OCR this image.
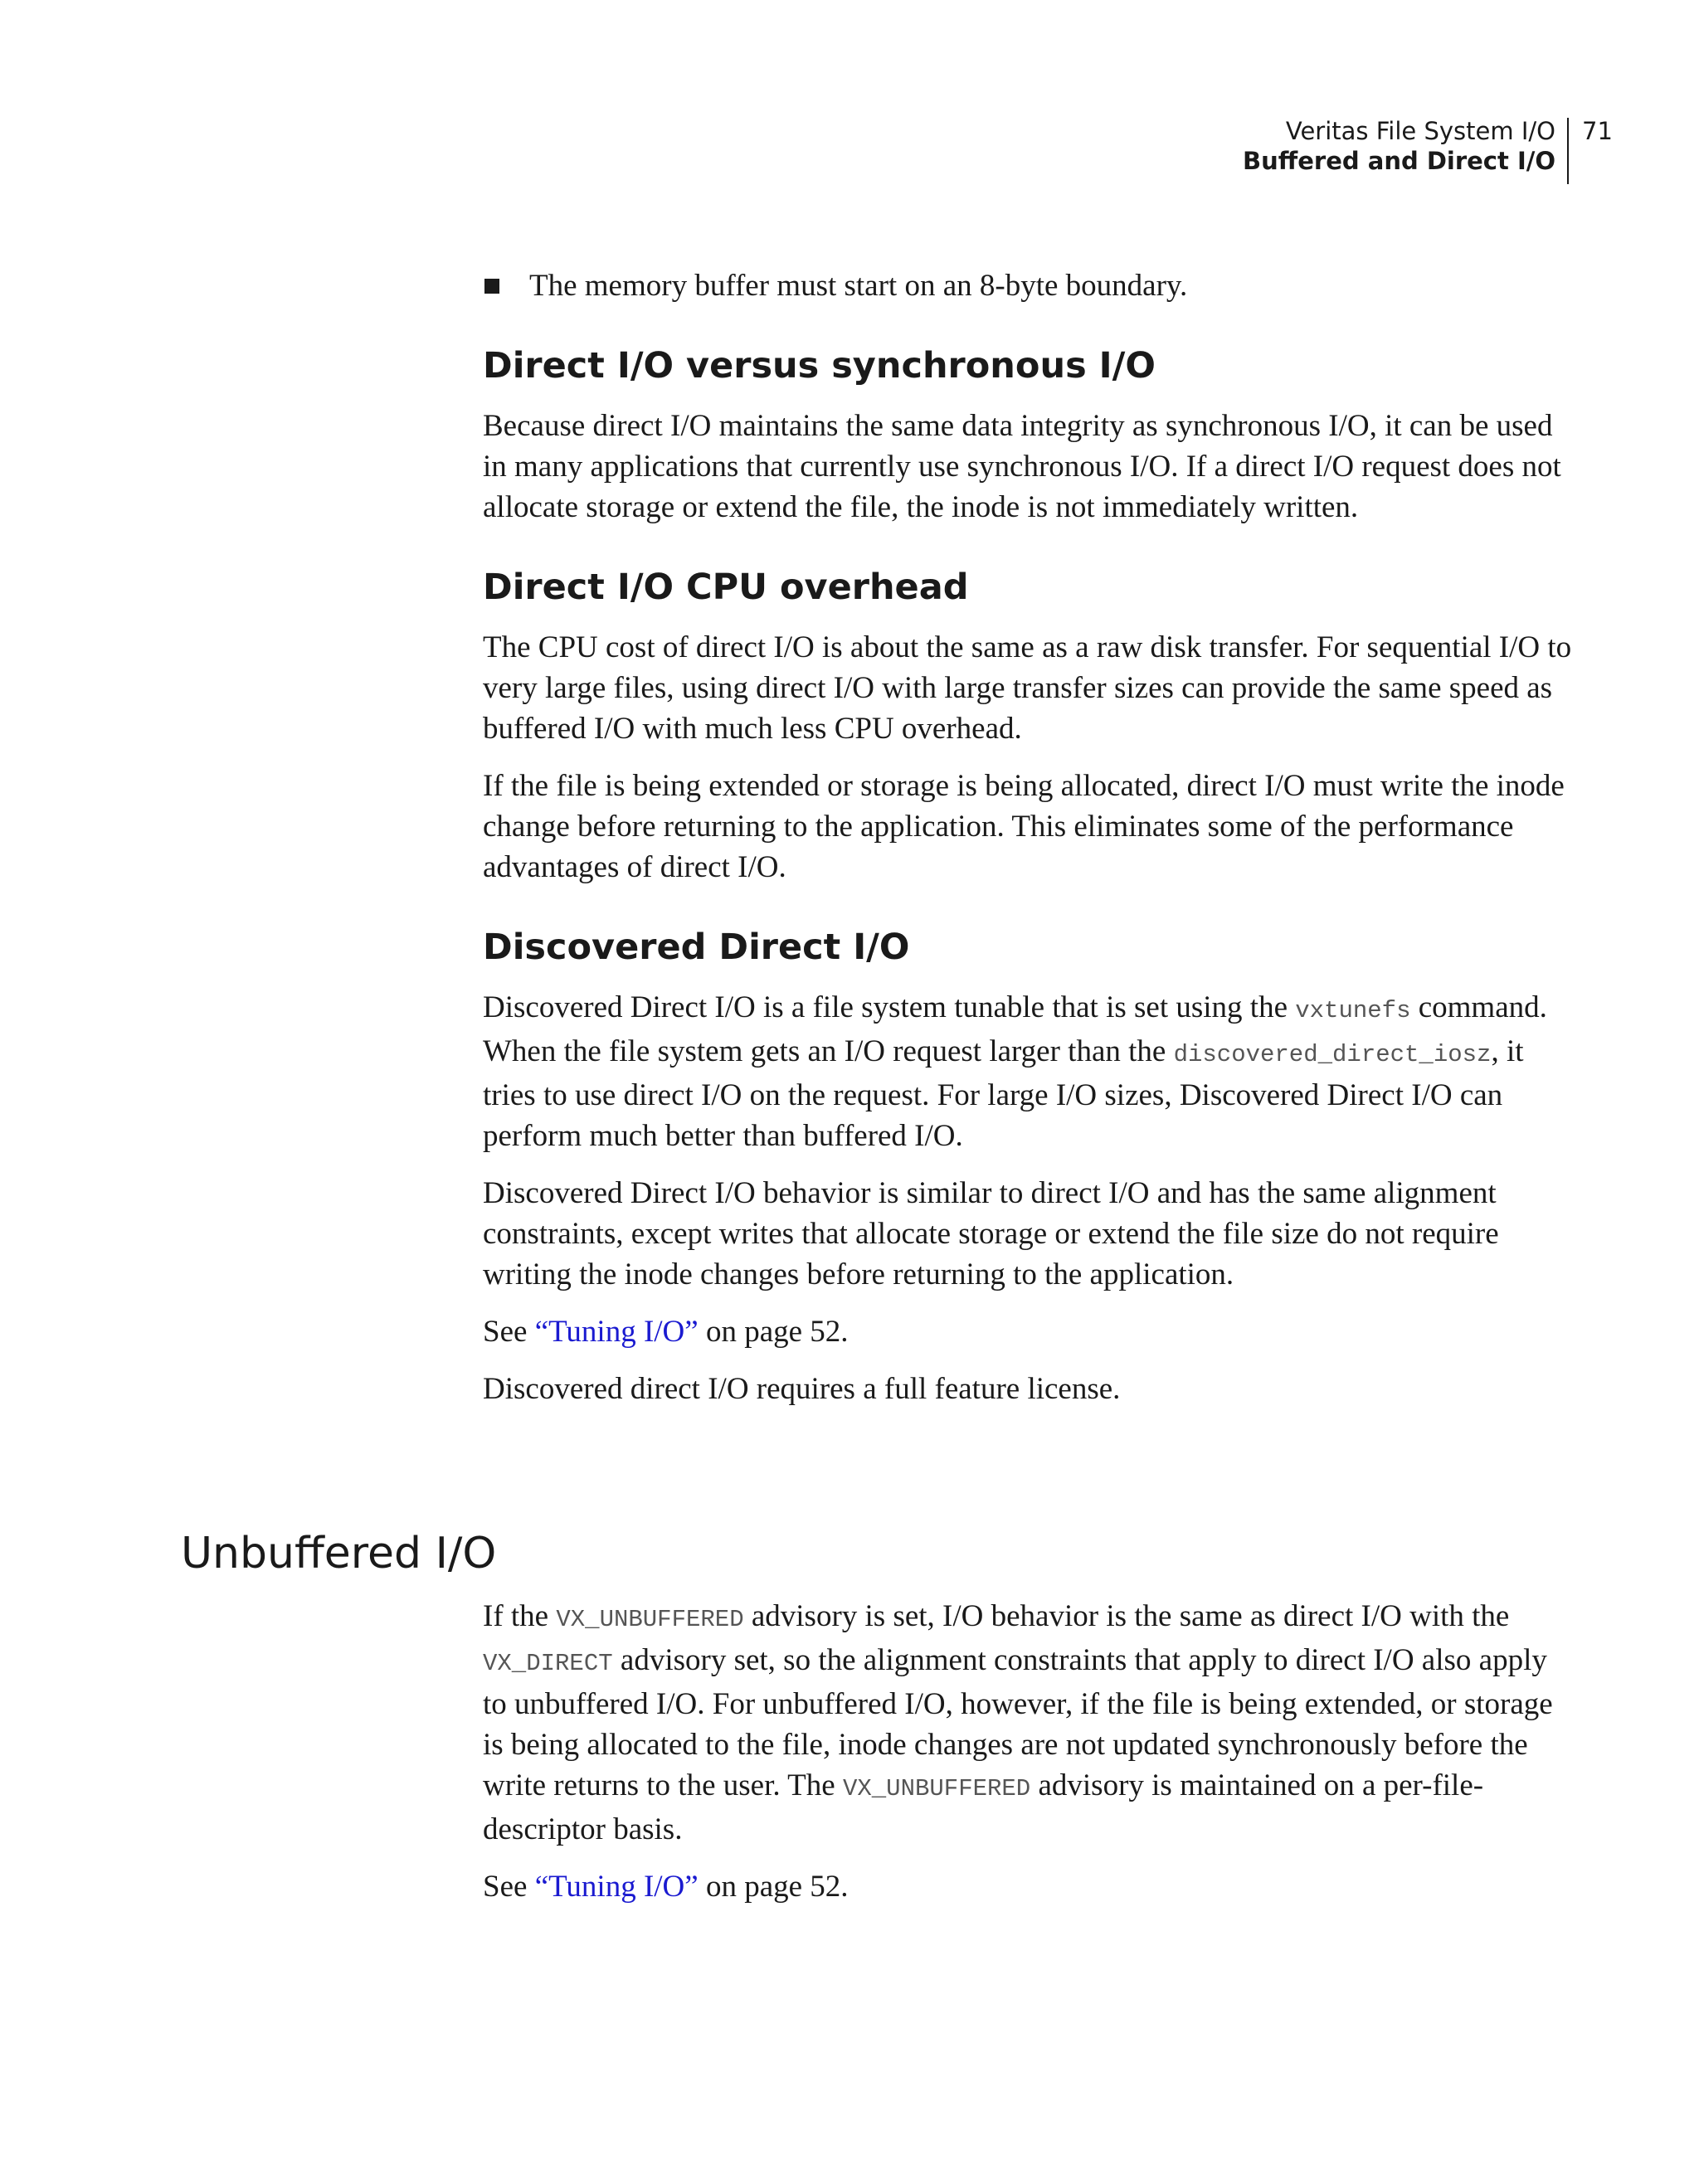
Veritas File System I/O
Buffered and Direct I/O
71

The memory buffer must start on an 8-byte boundary.

Direct I/O versus synchronous I/O

Because direct I/O maintains the same data integrity as synchronous I/O, it can be used in many applications that currently use synchronous I/O. If a direct I/O request does not allocate storage or extend the file, the inode is not immediately written.

Direct I/O CPU overhead

The CPU cost of direct I/O is about the same as a raw disk transfer. For sequential I/O to very large files, using direct I/O with large transfer sizes can provide the same speed as buffered I/O with much less CPU overhead.

If the file is being extended or storage is being allocated, direct I/O must write the inode change before returning to the application. This eliminates some of the performance advantages of direct I/O.

Discovered Direct I/O

Discovered Direct I/O is a file system tunable that is set using the vxtunefs command. When the file system gets an I/O request larger than the discovered_direct_iosz, it tries to use direct I/O on the request. For large I/O sizes, Discovered Direct I/O can perform much better than buffered I/O.

Discovered Direct I/O behavior is similar to direct I/O and has the same alignment constraints, except writes that allocate storage or extend the file size do not require writing the inode changes before returning to the application.

See “Tuning I/O” on page 52.

Discovered direct I/O requires a full feature license.

Unbuffered I/O

If the VX_UNBUFFERED advisory is set, I/O behavior is the same as direct I/O with the VX_DIRECT advisory set, so the alignment constraints that apply to direct I/O also apply to unbuffered I/O. For unbuffered I/O, however, if the file is being extended, or storage is being allocated to the file, inode changes are not updated synchronously before the write returns to the user. The VX_UNBUFFERED advisory is maintained on a per-file-descriptor basis.

See “Tuning I/O” on page 52.
